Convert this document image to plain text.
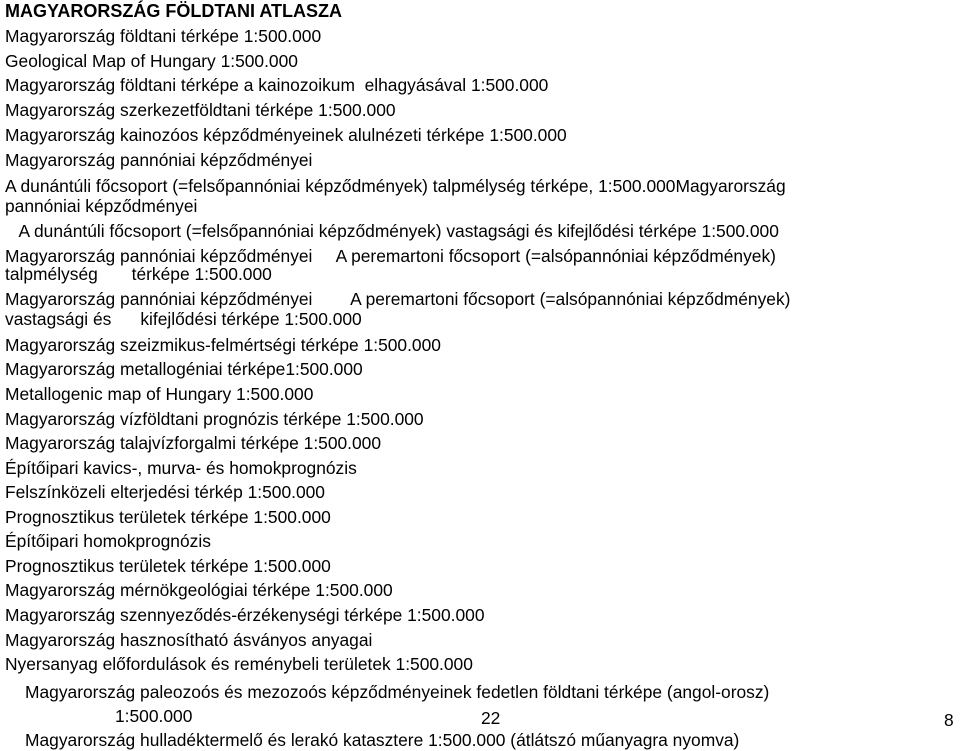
MAGYARORSZÁG FÖLDTANI ATLASZA
Magyarország földtani térképe 1:500.000
Geological Map of Hungary 1:500.000
Magyarország földtani térképe a kainozoikum  elhagyásával 1:500.000
Magyarország szerkezetföldtani térképe 1:500.000
Magyarország kainozóos képződményeinek alulnézeti térképe 1:500.000
Magyarország pannóniai képződményei
A dunántúli főcsoport (=felsőpannóniai képződmények) talpmélység térképe, 1:500.000Magyarország
pannóniai képződményei
A dunántúli főcsoport (=felsőpannóniai képződmények) vastagsági és kifejlődési térképe 1:500.000
Magyarország pannóniai képződményei     A peremartoni főcsoport (=alsópannóniai képződmények)
talpmélység       térképe 1:500.000
Magyarország pannóniai képződményei        A peremartoni főcsoport (=alsópannóniai képződmények)
vastagsági és      kifejlődési térképe 1:500.000
Magyarország szeizmikus-felmértségi térképe 1:500.000
Magyarország metallogéniai térképe1:500.000
Metallogenic map of Hungary 1:500.000
Magyarország vízföldtani prognózis térképe 1:500.000
Magyarország talajvízforgalmi térképe 1:500.000
Építőipari kavics-, murva- és homokprognózis
Felszínközeli elterjedési térkép 1:500.000
Prognosztikus területek térképe 1:500.000
Építőipari homokprognózis
Prognosztikus területek térképe 1:500.000
Magyarország mérnökgeológiai térképe 1:500.000
Magyarország szennyeződés-érzékenységi térképe 1:500.000
Magyarország hasznosítható ásványos anyagai
Nyersanyag előfordulások és reménybeli területek 1:500.000
Magyarország paleozoós és mezozoós képződményeinek fedetlen földtani térképe (angol-orosz)
1:500.000
Magyarország hulladéktermelő és lerakó katasztere 1:500.000 (átlátszó műanyagra nyomva)
22	8
